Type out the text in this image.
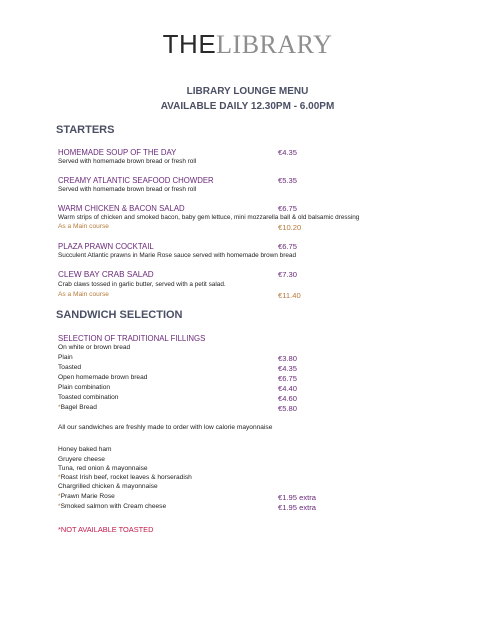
THELIBRARY
LIBRARY LOUNGE MENU
AVAILABLE DAILY 12.30PM - 6.00PM
STARTERS
HOMEMADE SOUP OF THE DAY	€4.35
Served with homemade brown bread or fresh roll
CREAMY ATLANTIC SEAFOOD CHOWDER	€5.35
Served with homemade brown bread or fresh roll
WARM CHICKEN & BACON SALAD	€6.75
Warm strips of chicken and smoked bacon, baby gem lettuce, mini mozzarella ball & old balsamic dressing
As a Main course	€10.20
PLAZA PRAWN COCKTAIL	€6.75
Succulent Atlantic prawns in Marie Rose sauce served with homemade brown bread
CLEW BAY CRAB SALAD	€7.30
Crab claws tossed in garlic butter, served with a petit salad.
As a Main course	€11.40
SANDWICH SELECTION
SELECTION OF TRADITIONAL FILLINGS
On white or brown bread
Plain	€3.80
Toasted	€4.35
Open homemade brown bread	€6.75
Plain combination	€4.40
Toasted combination	€4.60
*Bagel Bread	€5.80
All our sandwiches are freshly made to order with low calorie mayonnaise
Honey baked ham
Gruyere cheese
Tuna, red onion & mayonnaise
*Roast Irish beef, rocket leaves & horseradish
Chargrilled chicken & mayonnaise
*Prawn Marie Rose	€1.95 extra
*Smoked salmon with Cream cheese	€1.95 extra
*NOT AVAILABLE TOASTED
